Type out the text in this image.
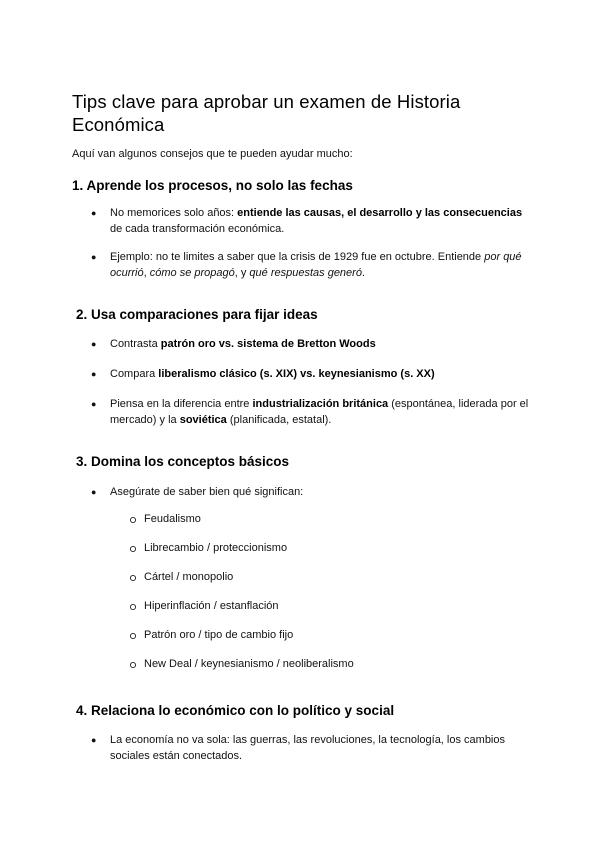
Tips clave para aprobar un examen de Historia Económica
Aquí van algunos consejos que te pueden ayudar mucho:
1. Aprende los procesos, no solo las fechas
●	No memorices solo años: entiende las causas, el desarrollo y las consecuencias de cada transformación económica.
●	Ejemplo: no te limites a saber que la crisis de 1929 fue en octubre. Entiende por qué ocurrió, cómo se propagó, y qué respuestas generó.
2. Usa comparaciones para fijar ideas
●	Contrasta patrón oro vs. sistema de Bretton Woods
●	Compara liberalismo clásico (s. XIX) vs. keynesianismo (s. XX)
●	Piensa en la diferencia entre industrialización británica (espontánea, liderada por el mercado) y la soviética (planificada, estatal).
3. Domina los conceptos básicos
●	Asegúrate de saber bien qué significan:
Feudalismo
Librecambio / proteccionismo
Cártel / monopolio
Hiperinflación / estanflación
Patrón oro / tipo de cambio fijo
New Deal / keynesianismo / neoliberalismo
4. Relaciona lo económico con lo político y social
●	La economía no va sola: las guerras, las revoluciones, la tecnología, los cambios sociales están conectados.
